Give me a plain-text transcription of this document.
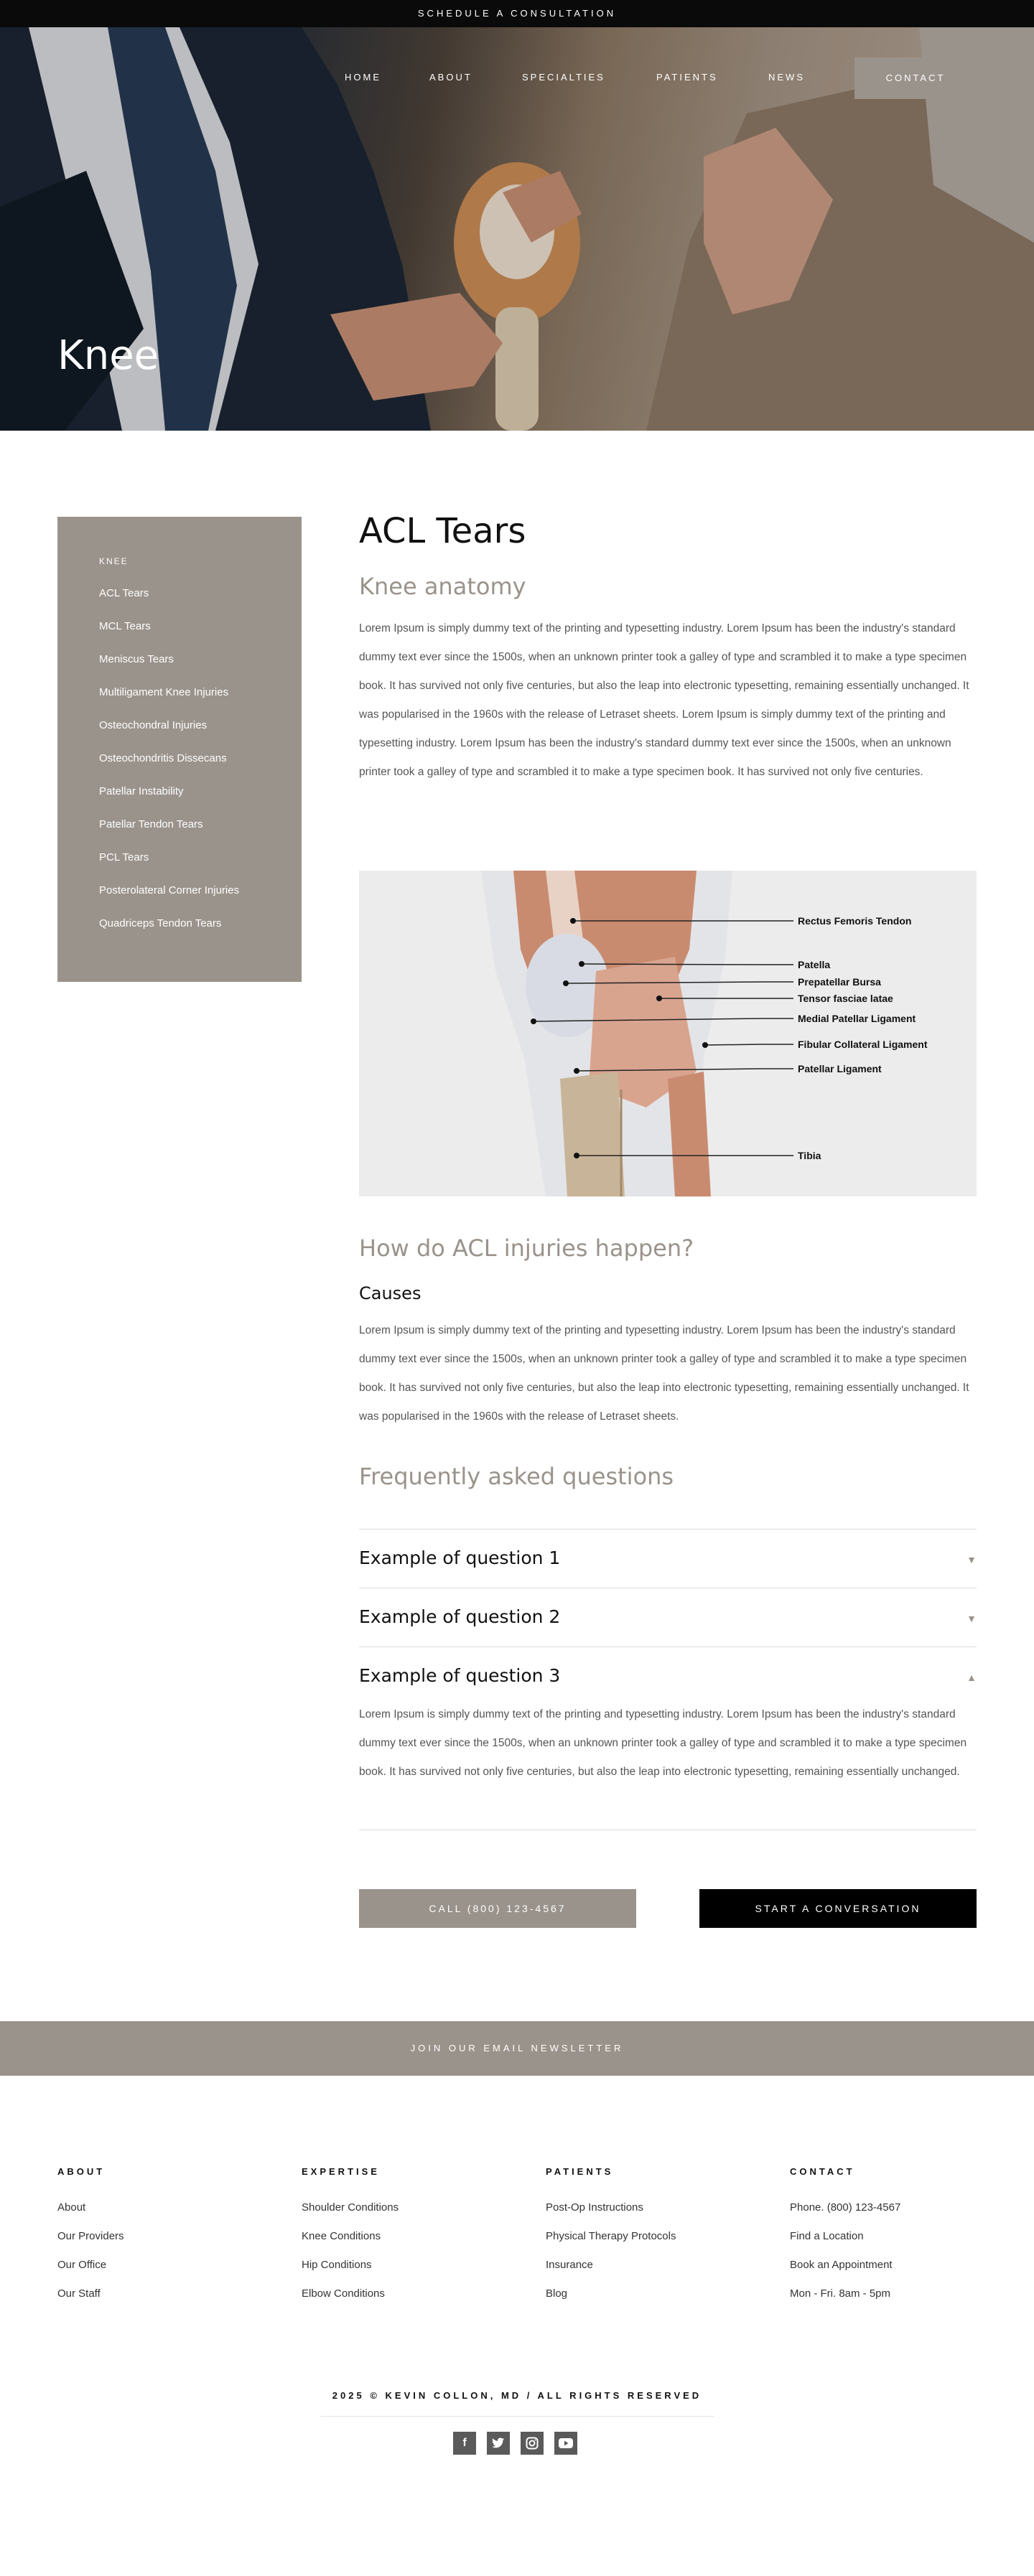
SCHEDULE A CONSULTATION
HOME	ABOUT	SPECIALTIES	PATIENTS	NEWS	CONTACT
Knee
KNEE
ACL Tears
MCL Tears
Meniscus Tears
Multiligament Knee Injuries
Osteochondral Injuries
Osteochondritis Dissecans
Patellar Instability
Patellar Tendon Tears
PCL Tears
Posterolateral Corner Injuries
Quadriceps Tendon Tears
ACL Tears
Knee anatomy

Lorem Ipsum is simply dummy text of the printing and typesetting industry. Lorem Ipsum has been the industry's standard dummy text ever since the 1500s, when an unknown printer took a galley of type and scrambled it to make a type specimen book. It has survived not only five centuries, but also the leap into electronic typesetting, remaining essentially unchanged. It was popularised in the 1960s with the release of Letraset sheets. Lorem Ipsum is simply dummy text of the printing and typesetting industry. Lorem Ipsum has been the industry's standard dummy text ever since the 1500s, when an unknown printer took a galley of type and scrambled it to make a type specimen book. It has survived not only five centuries.

Rectus Femoris Tendon
Patella
Prepatellar Bursa
Tensor fasciae latae
Medial Patellar Ligament
Fibular Collateral Ligament
Patellar Ligament
Tibia
How do ACL injuries happen?
Causes

Lorem Ipsum is simply dummy text of the printing and typesetting industry. Lorem Ipsum has been the industry's standard dummy text ever since the 1500s, when an unknown printer took a galley of type and scrambled it to make a type specimen book. It has survived not only five centuries, but also the leap into electronic typesetting, remaining essentially unchanged. It was popularised in the 1960s with the release of Letraset sheets.

Frequently asked questions
Example of question 1	▼
Example of question 2	▼
Example of question 3	▲

Lorem Ipsum is simply dummy text of the printing and typesetting industry. Lorem Ipsum has been the industry's standard dummy text ever since the 1500s, when an unknown printer took a galley of type and scrambled it to make a type specimen book. It has survived not only five centuries, but also the leap into electronic typesetting, remaining essentially unchanged.

CALL (800) 123-4567	START A CONVERSATION
JOIN OUR EMAIL NEWSLETTER
ABOUT
About
Our Providers
Our Office
Our Staff
EXPERTISE
Shoulder Conditions
Knee Conditions
Hip Conditions
Elbow Conditions
PATIENTS
Post-Op Instructions
Physical Therapy Protocols
Insurance
Blog
CONTACT
Phone. (800) 123-4567
Find a Location
Book an Appointment
Mon - Fri. 8am - 5pm
2025 © KEVIN COLLON, MD / ALL RIGHTS RESERVED
f
